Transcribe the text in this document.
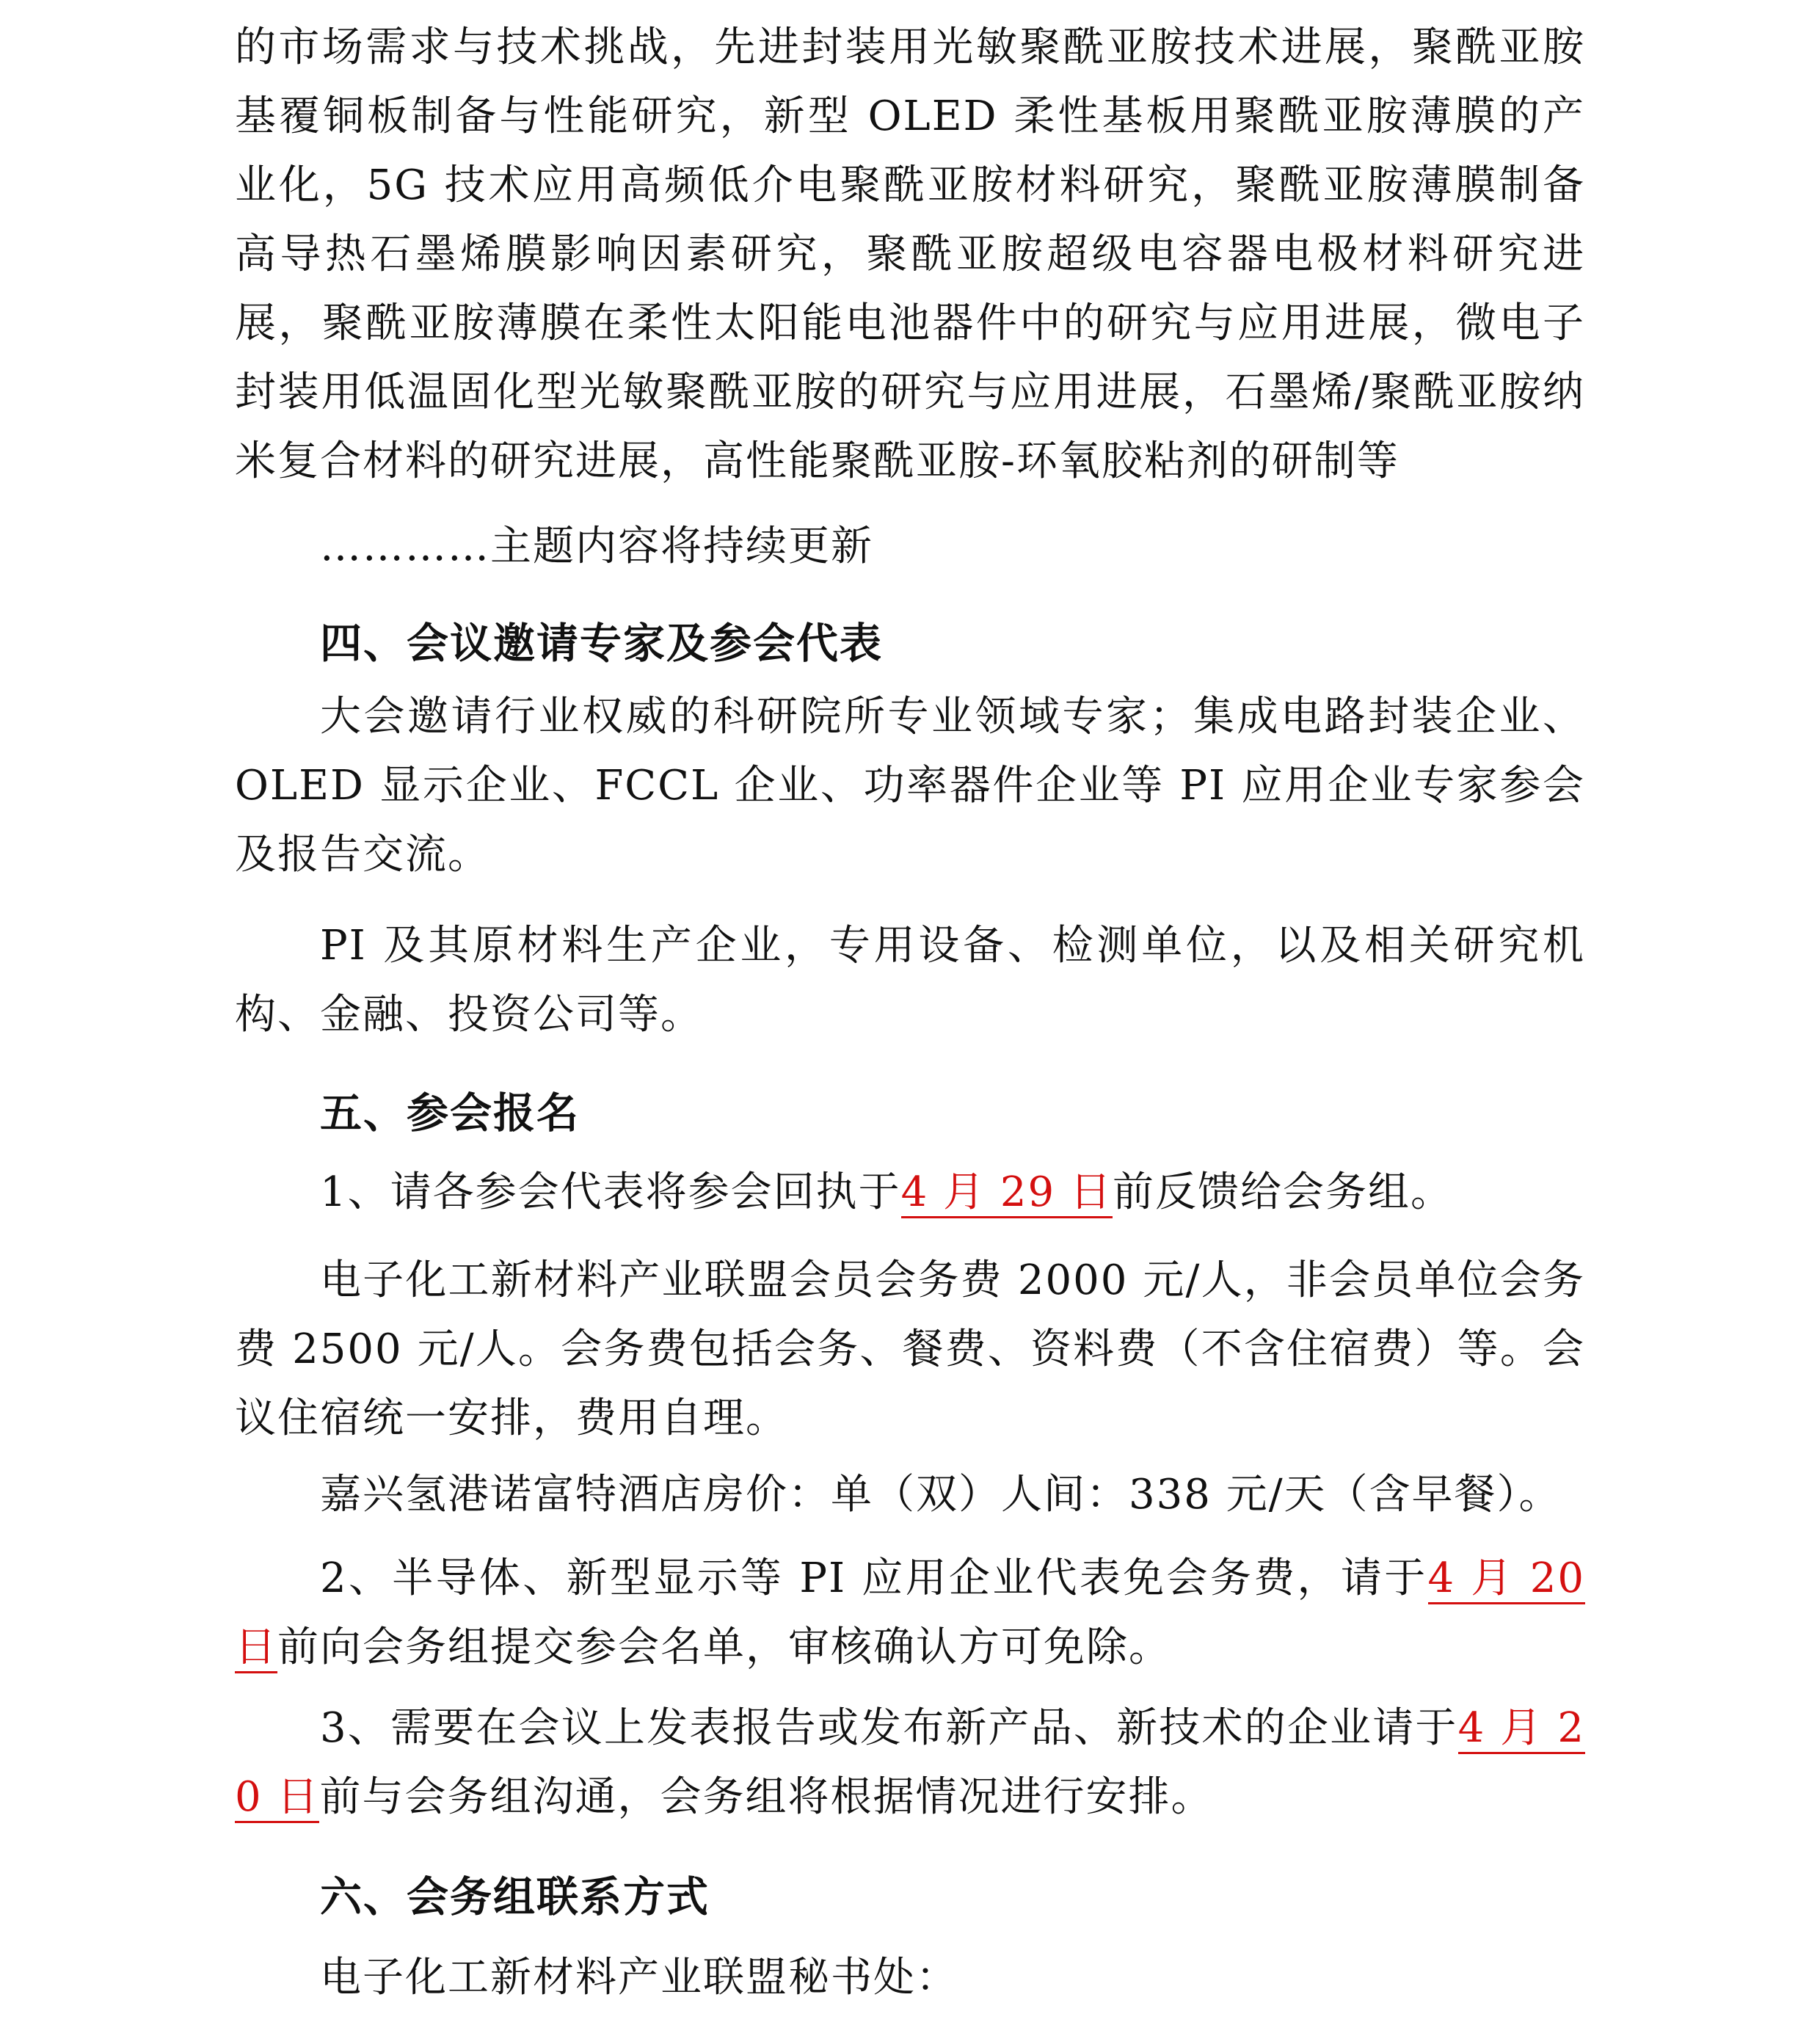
的市场需求与技术挑战，先进封装用光敏聚酰亚胺技术进展，聚酰亚胺基覆铜板制备与性能研究，新型 OLED 柔性基板用聚酰亚胺薄膜的产业化，5G 技术应用高频低介电聚酰亚胺材料研究，聚酰亚胺薄膜制备高导热石墨烯膜影响因素研究，聚酰亚胺超级电容器电极材料研究进展，聚酰亚胺薄膜在柔性太阳能电池器件中的研究与应用进展，微电子封装用低温固化型光敏聚酰亚胺的研究与应用进展，石墨烯/聚酰亚胺纳米复合材料的研究进展，高性能聚酰亚胺-环氧胶粘剂的研制等

…………主题内容将持续更新

四、会议邀请专家及参会代表

大会邀请行业权威的科研院所专业领域专家；集成电路封装企业、OLED 显示企业、FCCL 企业、功率器件企业等 PI 应用企业专家参会及报告交流。

PI 及其原材料生产企业，专用设备、检测单位，以及相关研究机构、金融、投资公司等。

五、参会报名

1、请各参会代表将参会回执于4 月 29 日前反馈给会务组。

电子化工新材料产业联盟会员会务费 2000 元/人，非会员单位会务费 2500 元/人。会务费包括会务、餐费、资料费（不含住宿费）等。会议住宿统一安排，费用自理。

嘉兴氢港诺富特酒店房价：单（双）人间：338 元/天（含早餐）。

2、半导体、新型显示等 PI 应用企业代表免会务费，请于4 月 20 日前向会务组提交参会名单，审核确认方可免除。

3、需要在会议上发表报告或发布新产品、新技术的企业请于4 月 20 日前与会务组沟通，会务组将根据情况进行安排。

六、会务组联系方式

电子化工新材料产业联盟秘书处：
